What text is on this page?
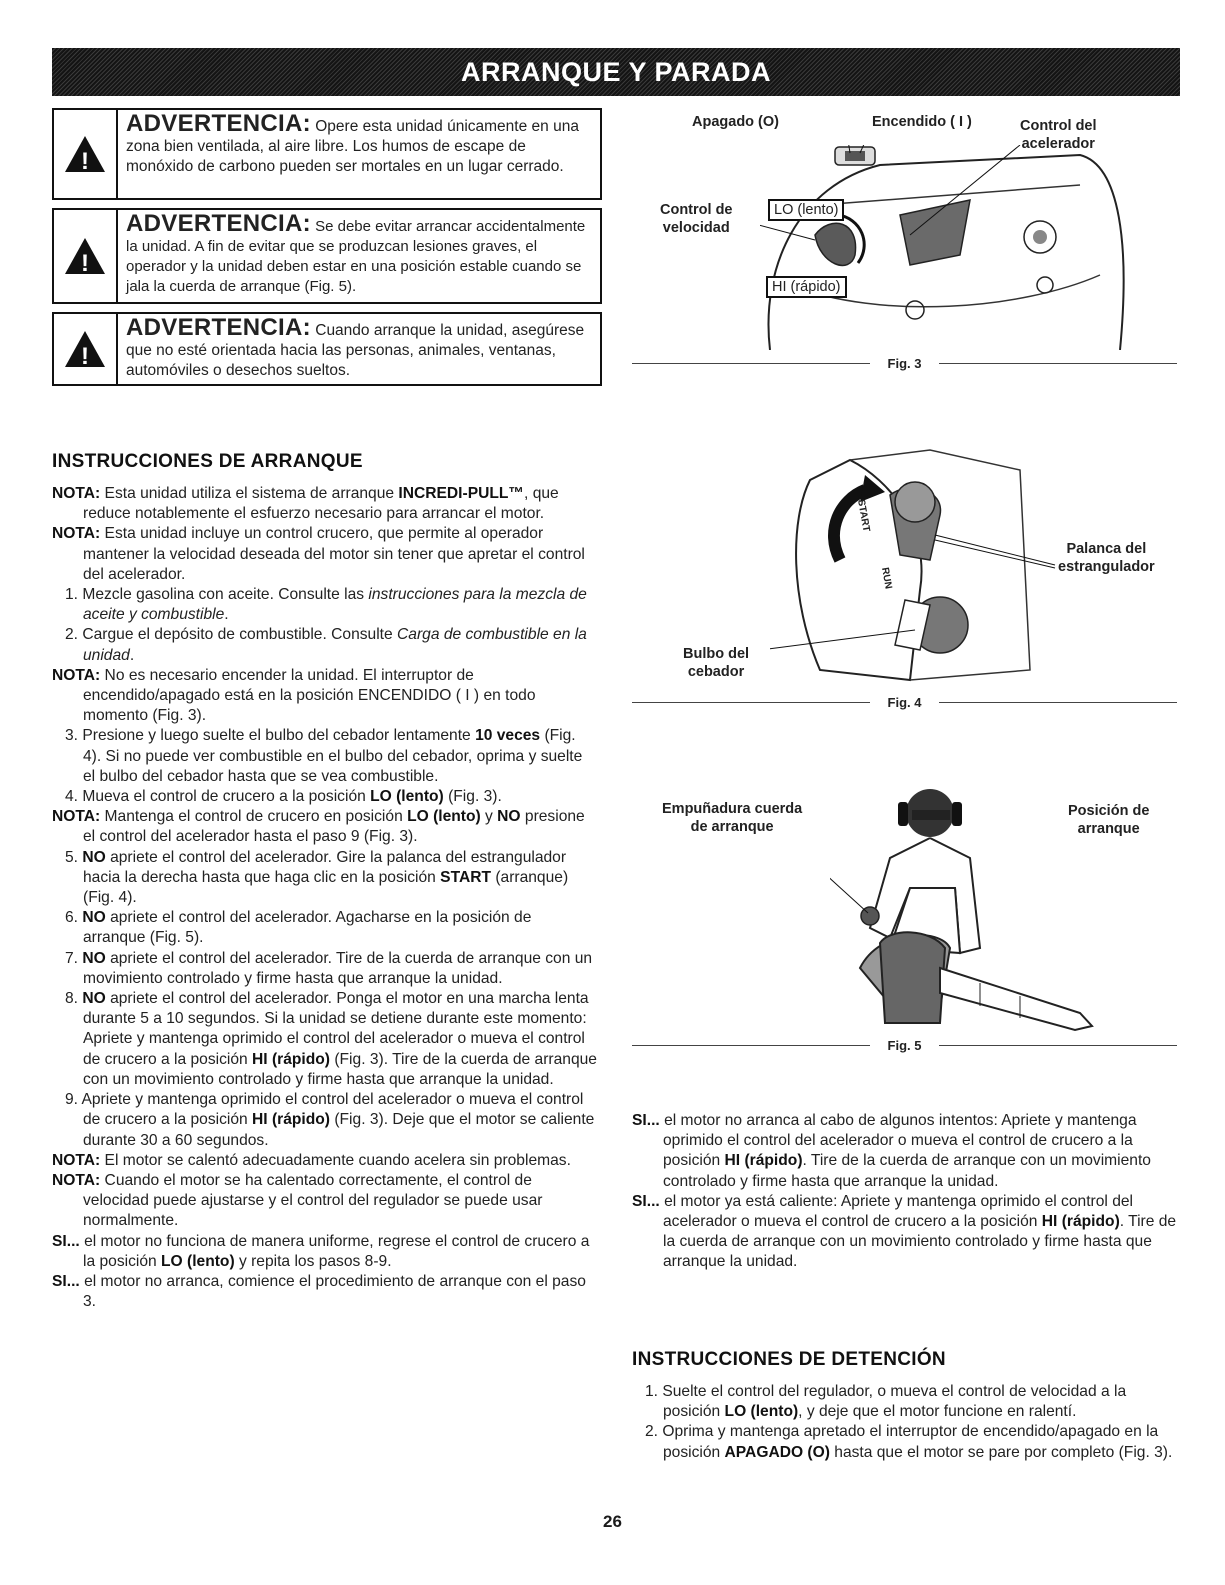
ARRANQUE Y PARADA
!
ADVERTENCIA: Opere esta unidad únicamente en una zona bien ventilada, al aire libre. Los humos de escape de monóxido de carbono pueden ser mortales en un lugar cerrado.
!
ADVERTENCIA: Se debe evitar arrancar accidentalmente la unidad. A fin de evitar que se produzcan lesiones graves, el operador y la unidad deben estar en una posición estable cuando se jala la cuerda de arranque (Fig. 5).
!
ADVERTENCIA: Cuando arranque la unidad, asegúrese que no esté orientada hacia las personas, animales, ventanas, automóviles o desechos sueltos.
Apagado (O)	Encendido ( I )	Control del
acelerador
Control de
velocidad
LO (lento)
HI (rápido)
Fig. 3
START
RUN
Palanca del
estrangulador
Bulbo del
cebador
Fig. 4
Empuñadura cuerda
de arranque
Posición de
arranque
Fig. 5
INSTRUCCIONES DE ARRANQUE

NOTA: Esta unidad utiliza el sistema de arranque INCREDI-PULL™, que reduce notablemente el esfuerzo necesario para arrancar el motor.

NOTA: Esta unidad incluye un control crucero, que permite al operador mantener la velocidad deseada del motor sin tener que apretar el control del acelerador.

1. Mezcle gasolina con aceite. Consulte las instrucciones para la mezcla de aceite y combustible.

2. Cargue el depósito de combustible. Consulte Carga de combustible en la unidad.

NOTA: No es necesario encender la unidad. El interruptor de encendido/apagado está en la posición ENCENDIDO ( I ) en todo momento (Fig. 3).

3. Presione y luego suelte el bulbo del cebador lentamente 10 veces (Fig. 4). Si no puede ver combustible en el bulbo del cebador, oprima y suelte el bulbo del cebador hasta que se vea combustible.

4. Mueva el control de crucero a la posición LO (lento) (Fig. 3).

NOTA: Mantenga el control de crucero en posición LO (lento) y NO presione el control del acelerador hasta el paso 9 (Fig. 3).

5. NO apriete el control del acelerador. Gire la palanca del estrangulador hacia la derecha hasta que haga clic en la posición START (arranque) (Fig. 4).

6. NO apriete el control del acelerador. Agacharse en la posición de arranque (Fig. 5).

7. NO apriete el control del acelerador. Tire de la cuerda de arranque con un movimiento controlado y firme hasta que arranque la unidad.

8. NO apriete el control del acelerador. Ponga el motor en una marcha lenta durante 5 a 10 segundos. Si la unidad se detiene durante este momento: Apriete y mantenga oprimido el control del acelerador o mueva el control de crucero a la posición HI (rápido) (Fig. 3). Tire de la cuerda de arranque con un movimiento controlado y firme hasta que arranque la unidad.

9. Apriete y mantenga oprimido el control del acelerador o mueva el control de crucero a la posición HI (rápido) (Fig. 3). Deje que el motor se caliente durante 30 a 60 segundos.

NOTA: El motor se calentó adecuadamente cuando acelera sin problemas.

NOTA: Cuando el motor se ha calentado correctamente, el control de velocidad puede ajustarse y el control del regulador se puede usar normalmente.

SI... el motor no funciona de manera uniforme, regrese el control de crucero a la posición LO (lento) y repita los pasos 8-9.

SI... el motor no arranca, comience el procedimiento de arranque con el paso 3.

SI... el motor no arranca al cabo de algunos intentos: Apriete y mantenga oprimido el control del acelerador o mueva el control de crucero a la posición HI (rápido). Tire de la cuerda de arranque con un movimiento controlado y firme hasta que arranque la unidad.

SI... el motor ya está caliente: Apriete y mantenga oprimido el control del acelerador o mueva el control de crucero a la posición HI (rápido). Tire de la cuerda de arranque con un movimiento controlado y firme hasta que arranque la unidad.

INSTRUCCIONES DE DETENCIÓN

1. Suelte el control del regulador, o mueva el control de velocidad a la posición LO (lento), y deje que el motor funcione en ralentí.

2. Oprima y mantenga apretado el interruptor de encendido/apagado en la posición APAGADO (O) hasta que el motor se pare por completo (Fig. 3).

26
